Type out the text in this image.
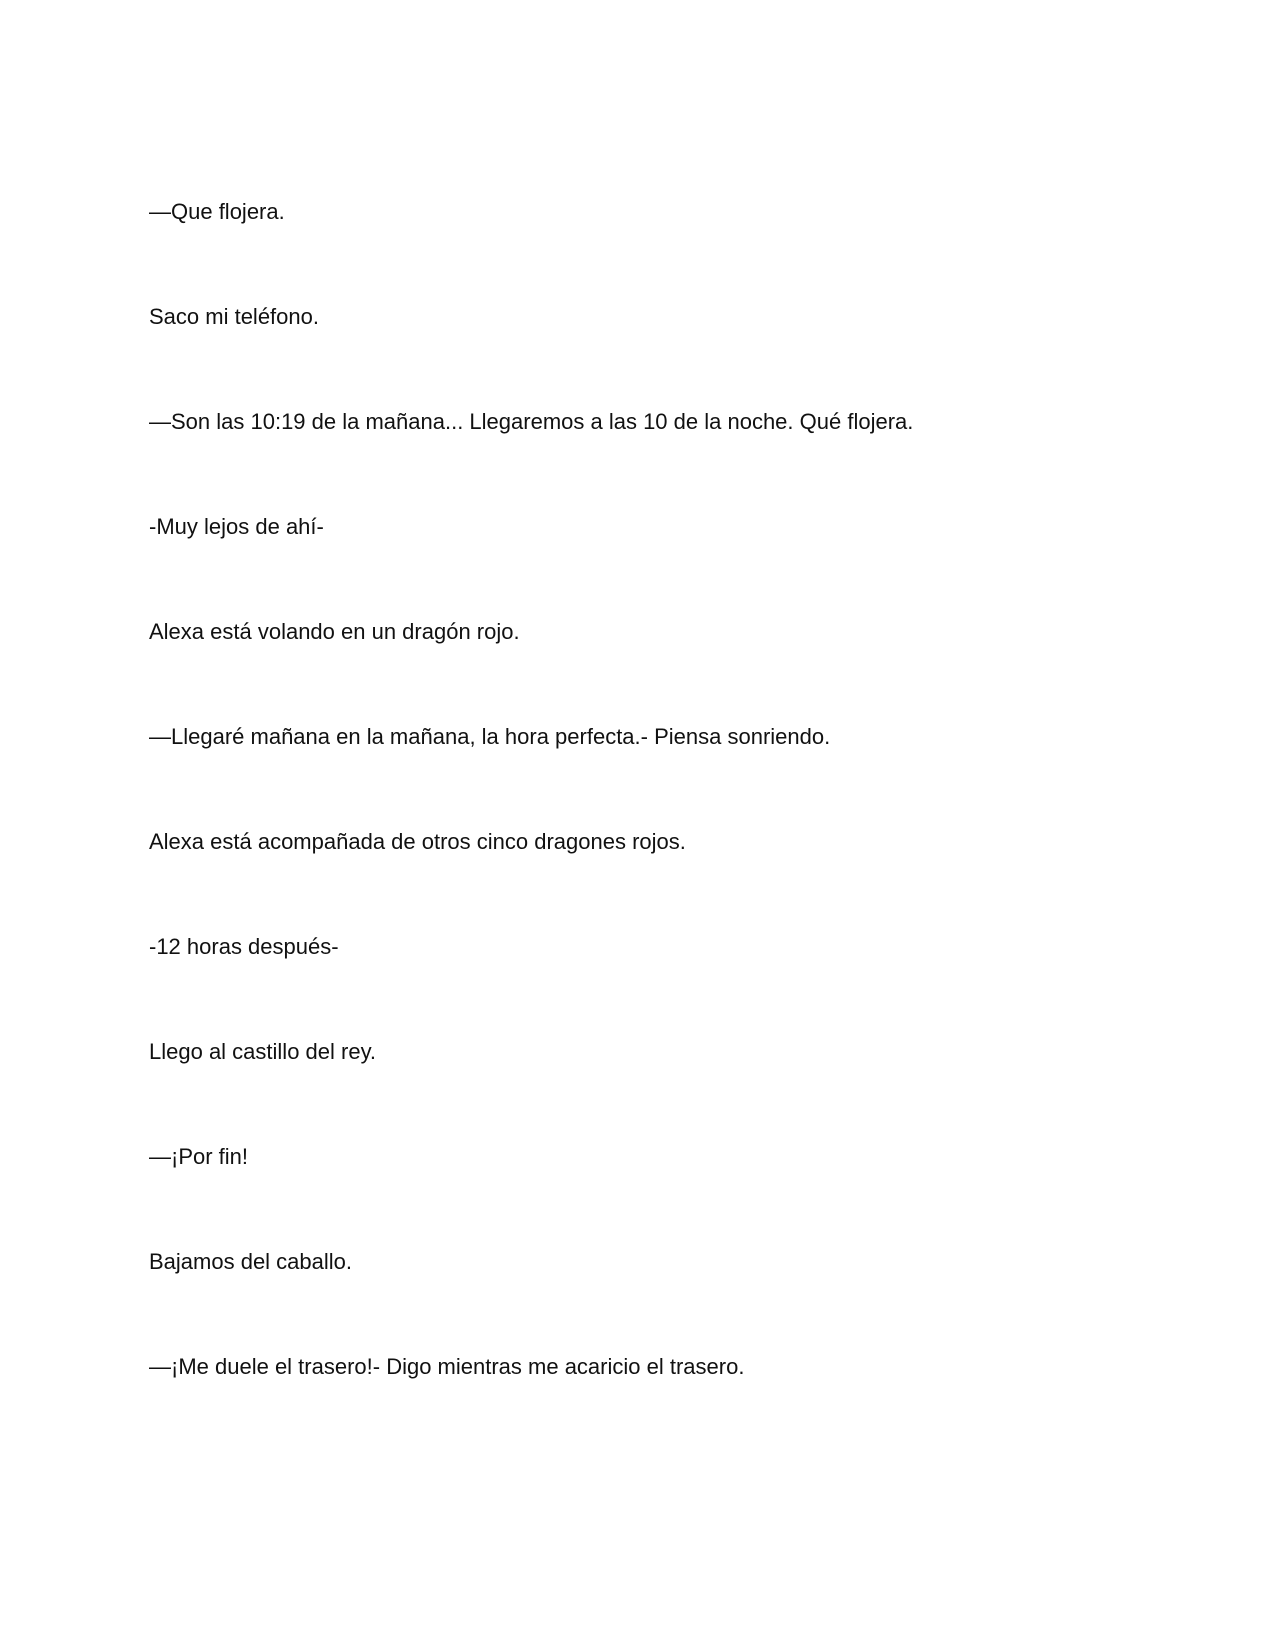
—Que flojera.

Saco mi teléfono.

—Son las 10:19 de la mañana... Llegaremos a las 10 de la noche. Qué flojera.

-Muy lejos de ahí-

Alexa está volando en un dragón rojo.

—Llegaré mañana en la mañana, la hora perfecta.- Piensa sonriendo.

Alexa está acompañada de otros cinco dragones rojos.

-12 horas después-

Llego al castillo del rey.

—¡Por fin!

Bajamos del caballo.

—¡Me duele el trasero!- Digo mientras me acaricio el trasero.
